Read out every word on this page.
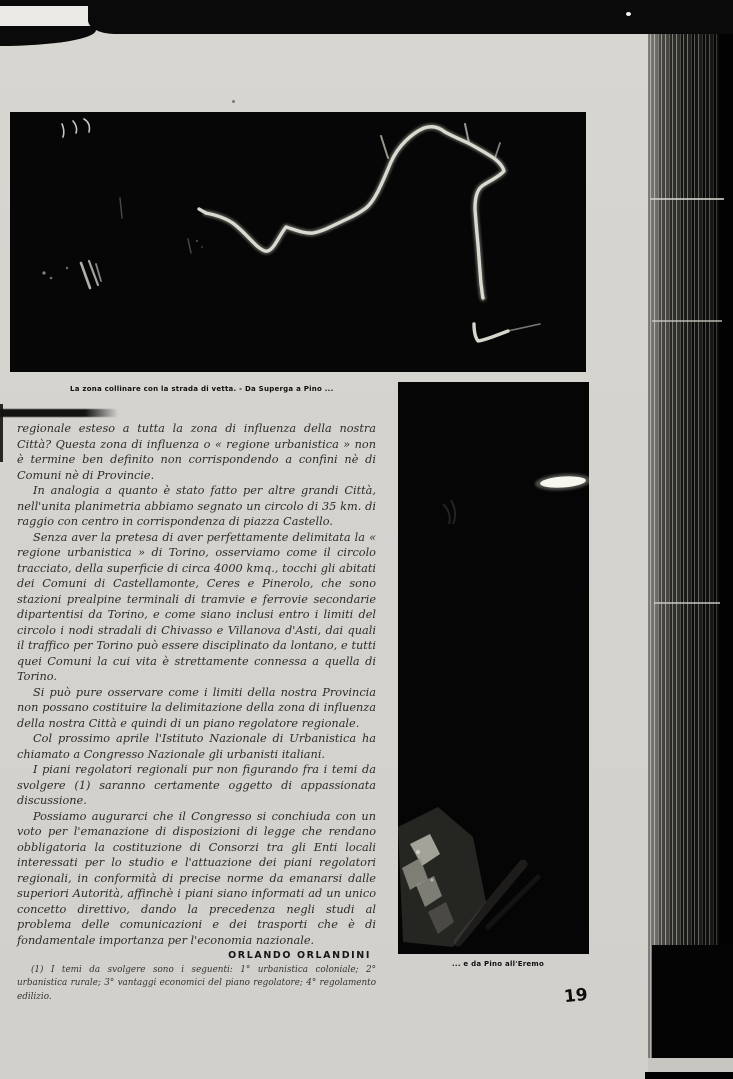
La zona collinare con la strada di vetta. - Da Superga a Pino ...
... e da Pino all'Eremo

regionale esteso a tutta la zona di influenza della nostra Città? Questa zona di influenza o « regione urbanistica » non è termine ben definito non corrispondendo a confini nè di Comuni nè di Provincie.

In analogia a quanto è stato fatto per altre grandi Città, nell'unita planimetria abbiamo segnato un circolo di 35 km. di raggio con centro in corrispondenza di piazza Castello.

Senza aver la pretesa di aver perfettamente delimitata la « regione urbanistica » di Torino, osserviamo come il circolo tracciato, della superficie di circa 4000 kmq., tocchi gli abitati dei Comuni di Castellamonte, Ceres e Pinerolo, che sono stazioni prealpine terminali di tramvie e ferrovie secondarie dipartentisi da Torino, e come siano inclusi entro i limiti del circolo i nodi stradali di Chivasso e Villanova d'Asti, dai quali il traffico per Torino può essere disciplinato da lontano, e tutti quei Comuni la cui vita è strettamente connessa a quella di Torino.

Si può pure osservare come i limiti della nostra Provincia non possano costituire la delimitazione della zona di influenza della nostra Città e quindi di un piano regolatore regionale.

Col prossimo aprile l'Istituto Nazionale di Urbanistica ha chiamato a Congresso Nazionale gli urbanisti italiani.

I piani regolatori regionali pur non figurando fra i temi da svolgere (1) saranno certamente oggetto di appassionata discussione.

Possiamo augurarci che il Congresso si conchiuda con un voto per l'emanazione di disposizioni di legge che rendano obbligatoria la costituzione di Consorzi tra gli Enti locali interessati per lo studio e l'attuazione dei piani regolatori regionali, in conformità di precise norme da emanarsi dalle superiori Autorità, affinchè i piani siano informati ad un unico concetto direttivo, dando la precedenza negli studi al problema delle comunicazioni e dei trasporti che è di fondamentale importanza per l'economia nazionale.

ORLANDO ORLANDINI

(1) I temi da svolgere sono i seguenti: 1° urbanistica coloniale; 2° urbanistica rurale; 3° vantaggi economici del piano regolatore; 4° regolamento edilizio.	19
